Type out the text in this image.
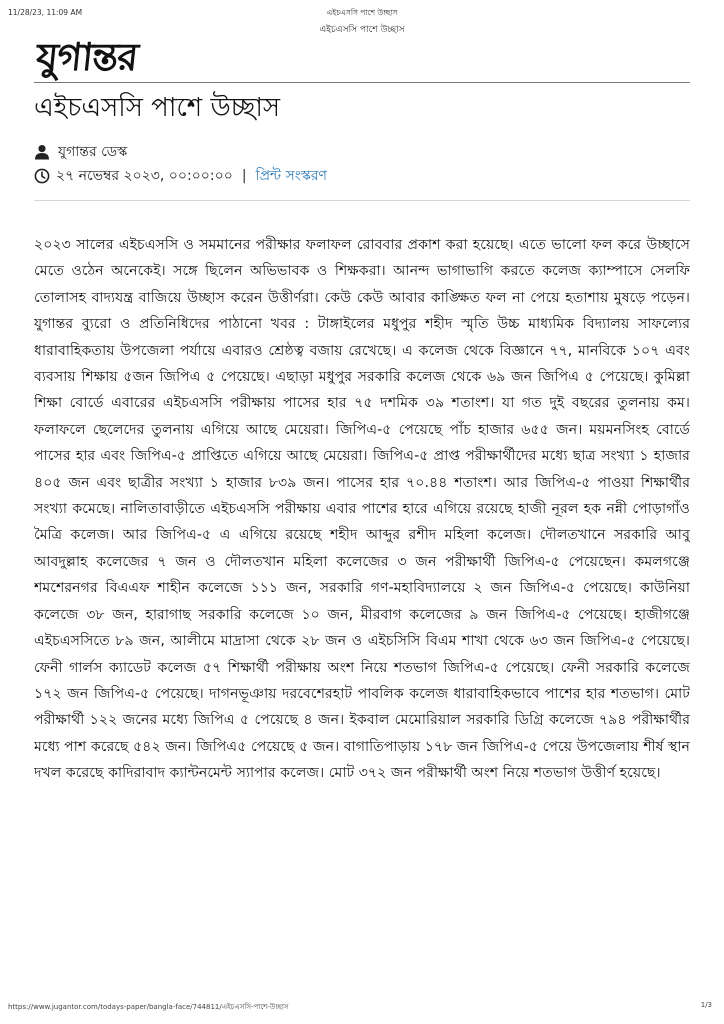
11/28/23, 11:09 AM	এইচএসসি পাশে উচ্ছাস
এইচএসসি পাশে উচ্ছাস
যুগান্তর
এইচএসসি পাশে উচ্ছাস
যুগান্তর ডেস্ক
২৭ নভেম্বর ২০২৩, ০০:০০:০০ | প্রিন্ট সংস্করণ

২০২৩ সালের এইচএসসি ও সমমানের পরীক্ষার ফলাফল রোববার প্রকাশ করা হয়েছে। এতে ভালো ফল করে উচ্ছাসে মেতে ওঠেন অনেকেই। সঙ্গে ছিলেন অভিভাবক ও শিক্ষকরা। আনন্দ ভাগাভাগি করতে কলেজ ক্যাম্পাসে সেলফি তোলাসহ বাদ্যযন্ত্র বাজিয়ে উচ্ছাস করেন উত্তীর্ণরা। কেউ কেউ আবার কাঙ্ক্ষিত ফল না পেয়ে হতাশায় মুষড়ে পড়েন। যুগান্তর ব্যুরো ও প্রতিনিধিদের পাঠানো খবর : টাঙ্গাইলের মধুপুর শহীদ স্মৃতি উচ্চ মাধ্যমিক বিদ্যালয় সাফল্যের ধারাবাহিকতায় উপজেলা পর্যায়ে এবারও শ্রেষ্ঠত্ব বজায় রেখেছে। এ কলেজ থেকে বিজ্ঞানে ৭৭, মানবিকে ১০৭ এবং ব্যবসায় শিক্ষায় ৫জন জিপিএ ৫ পেয়েছে। এছাড়া মধুপুর সরকারি কলেজ থেকে ৬৯ জন জিপিএ ৫ পেয়েছে। কুমিল্লা শিক্ষা বোর্ডে এবারের এইচএসসি পরীক্ষায় পাসের হার ৭৫ দশমিক ৩৯ শতাংশ। যা গত দুই বছরের তুলনায় কম। ফলাফলে ছেলেদের তুলনায় এগিয়ে আছে মেয়েরা। জিপিএ-৫ পেয়েছে পাঁচ হাজার ৬৫৫ জন। ময়মনসিংহ বোর্ডে পাসের হার এবং জিপিএ-৫ প্রাপ্তিতে এগিয়ে আছে মেয়েরা। জিপিএ-৫ প্রাপ্ত পরীক্ষার্থীদের মধ্যে ছাত্র সংখ্যা ১ হাজার ৪০৫ জন এবং ছাত্রীর সংখ্যা ১ হাজার ৮৩৯ জন। পাসের হার ৭০.৪৪ শতাংশ। আর জিপিএ-৫ পাওয়া শিক্ষার্থীর সংখ্যা কমেছে। নালিতাবাড়ীতে এইচএসসি পরীক্ষায় এবার পাশের হারে এগিয়ে রয়েছে হাজী নূরল হক নন্নী পোড়াগাঁও মৈত্রি কলেজ। আর জিপিএ-৫ এ এগিয়ে রয়েছে শহীদ আব্দুর রশীদ মহিলা কলেজ। দৌলতখানে সরকারি আবু আবদুল্লাহ কলেজের ৭ জন ও দৌলতখান মহিলা কলেজের ৩ জন পরীক্ষার্থী জিপিএ-৫ পেয়েছেন। কমলগঞ্জে শমশেরনগর বিএএফ শাহীন কলেজে ১১১ জন, সরকারি গণ-মহাবিদ্যালয়ে ২ জন জিপিএ-৫ পেয়েছে। কাউনিয়া কলেজে ৩৮ জন, হারাগাছ সরকারি কলেজে ১০ জন, মীরবাগ কলেজের ৯ জন জিপিএ-৫ পেয়েছে। হাজীগঞ্জে এইচএসসিতে ৮৯ জন, আলীমে মাদ্রাসা থেকে ২৮ জন ও এইচসিসি বিএম শাখা থেকে ৬৩ জন জিপিএ-৫ পেয়েছে। ফেনী গার্লস ক্যাডেট কলেজ ৫৭ শিক্ষার্থী পরীক্ষায় অংশ নিয়ে শতভাগ জিপিএ-৫ পেয়েছে। ফেনী সরকারি কলেজে ১৭২ জন জিপিএ-৫ পেয়েছে। দাগনভূঞায় দরবেশেরহাট পাবলিক কলেজ ধারাবাহিকভাবে পাশের হার শতভাগ। মোট পরীক্ষার্থী ১২২ জনের মধ্যে জিপিএ ৫ পেয়েছে ৪ জন। ইকবাল মেমোরিয়াল সরকারি ডিগ্রি কলেজে ৭৯৪ পরীক্ষার্থীর মধ্যে পাশ করেছে ৫৪২ জন। জিপিএ৫ পেয়েছে ৫ জন। বাগাতিপাড়ায় ১৭৮ জন জিপিএ-৫ পেয়ে উপজেলায় শীর্ষ স্থান দখল করেছে কাদিরাবাদ ক্যান্টনমেন্ট স্যাপার কলেজ। মোট ৩৭২ জন পরীক্ষার্থী অংশ নিয়ে শতভাগ উত্তীর্ণ হয়েছে।

https://www.jugantor.com/todays-paper/bangla-face/744811/এইচএসসি-পাশে-উচ্ছাস	1/3
